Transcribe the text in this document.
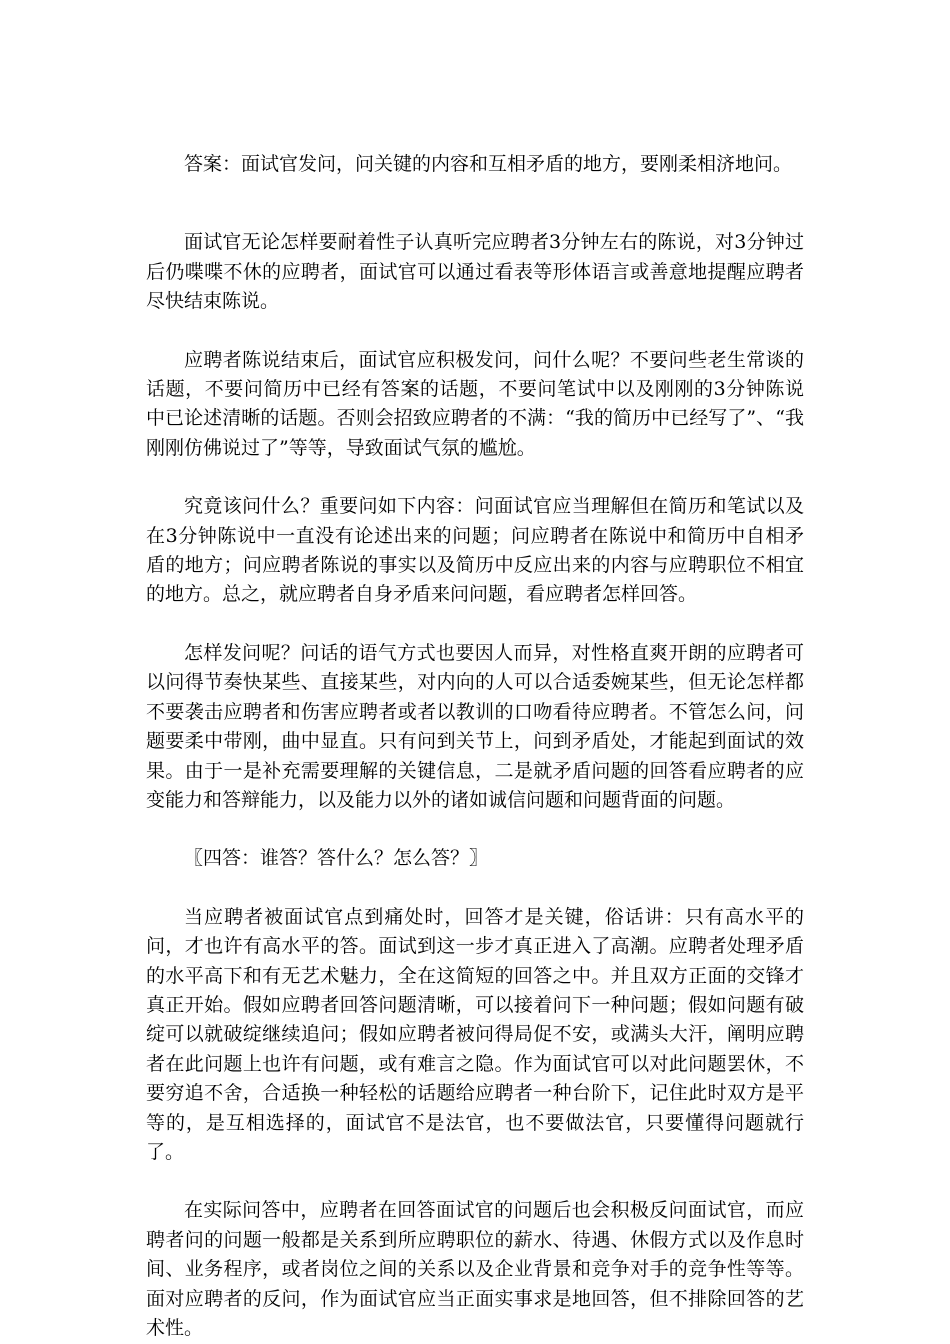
答案：面试官发问，问关键的内容和互相矛盾的地方，要刚柔相济地问。

面试官无论怎样要耐着性子认真听完应聘者3分钟左右的陈说，对3分钟过后仍喋喋不休的应聘者，面试官可以通过看表等形体语言或善意地提醒应聘者尽快结束陈说。

应聘者陈说结束后，面试官应积极发问，问什么呢？不要问些老生常谈的话题，不要问简历中已经有答案的话题，不要问笔试中以及刚刚的3分钟陈说中已论述清晰的话题。否则会招致应聘者的不满：“我的简历中已经写了”、“我刚刚仿佛说过了”等等，导致面试气氛的尴尬。

究竟该问什么？重要问如下内容：问面试官应当理解但在简历和笔试以及在3分钟陈说中一直没有论述出来的问题；问应聘者在陈说中和简历中自相矛盾的地方；问应聘者陈说的事实以及简历中反应出来的内容与应聘职位不相宜的地方。总之，就应聘者自身矛盾来问问题，看应聘者怎样回答。

怎样发问呢？问话的语气方式也要因人而异，对性格直爽开朗的应聘者可以问得节奏快某些、直接某些，对内向的人可以合适委婉某些，但无论怎样都不要袭击应聘者和伤害应聘者或者以教训的口吻看待应聘者。不管怎么问，问题要柔中带刚，曲中显直。只有问到关节上，问到矛盾处，才能起到面试的效果。由于一是补充需要理解的关键信息，二是就矛盾问题的回答看应聘者的应变能力和答辩能力，以及能力以外的诸如诚信问题和问题背面的问题。

〖四答：谁答？答什么？怎么答？〗

当应聘者被面试官点到痛处时，回答才是关键，俗话讲：只有高水平的问，才也许有高水平的答。面试到这一步才真正进入了高潮。应聘者处理矛盾的水平高下和有无艺术魅力，全在这简短的回答之中。并且双方正面的交锋才真正开始。假如应聘者回答问题清晰，可以接着问下一种问题；假如问题有破绽可以就破绽继续追问；假如应聘者被问得局促不安，或满头大汗，阐明应聘者在此问题上也许有问题，或有难言之隐。作为面试官可以对此问题罢休，不要穷追不舍，合适换一种轻松的话题给应聘者一种台阶下，记住此时双方是平等的，是互相选择的，面试官不是法官，也不要做法官，只要懂得问题就行了。

在实际问答中，应聘者在回答面试官的问题后也会积极反问面试官，而应聘者问的问题一般都是关系到所应聘职位的薪水、待遇、休假方式以及作息时间、业务程序，或者岗位之间的关系以及企业背景和竞争对手的竞争性等等。面对应聘者的反问，作为面试官应当正面实事求是地回答，但不排除回答的艺术性。
